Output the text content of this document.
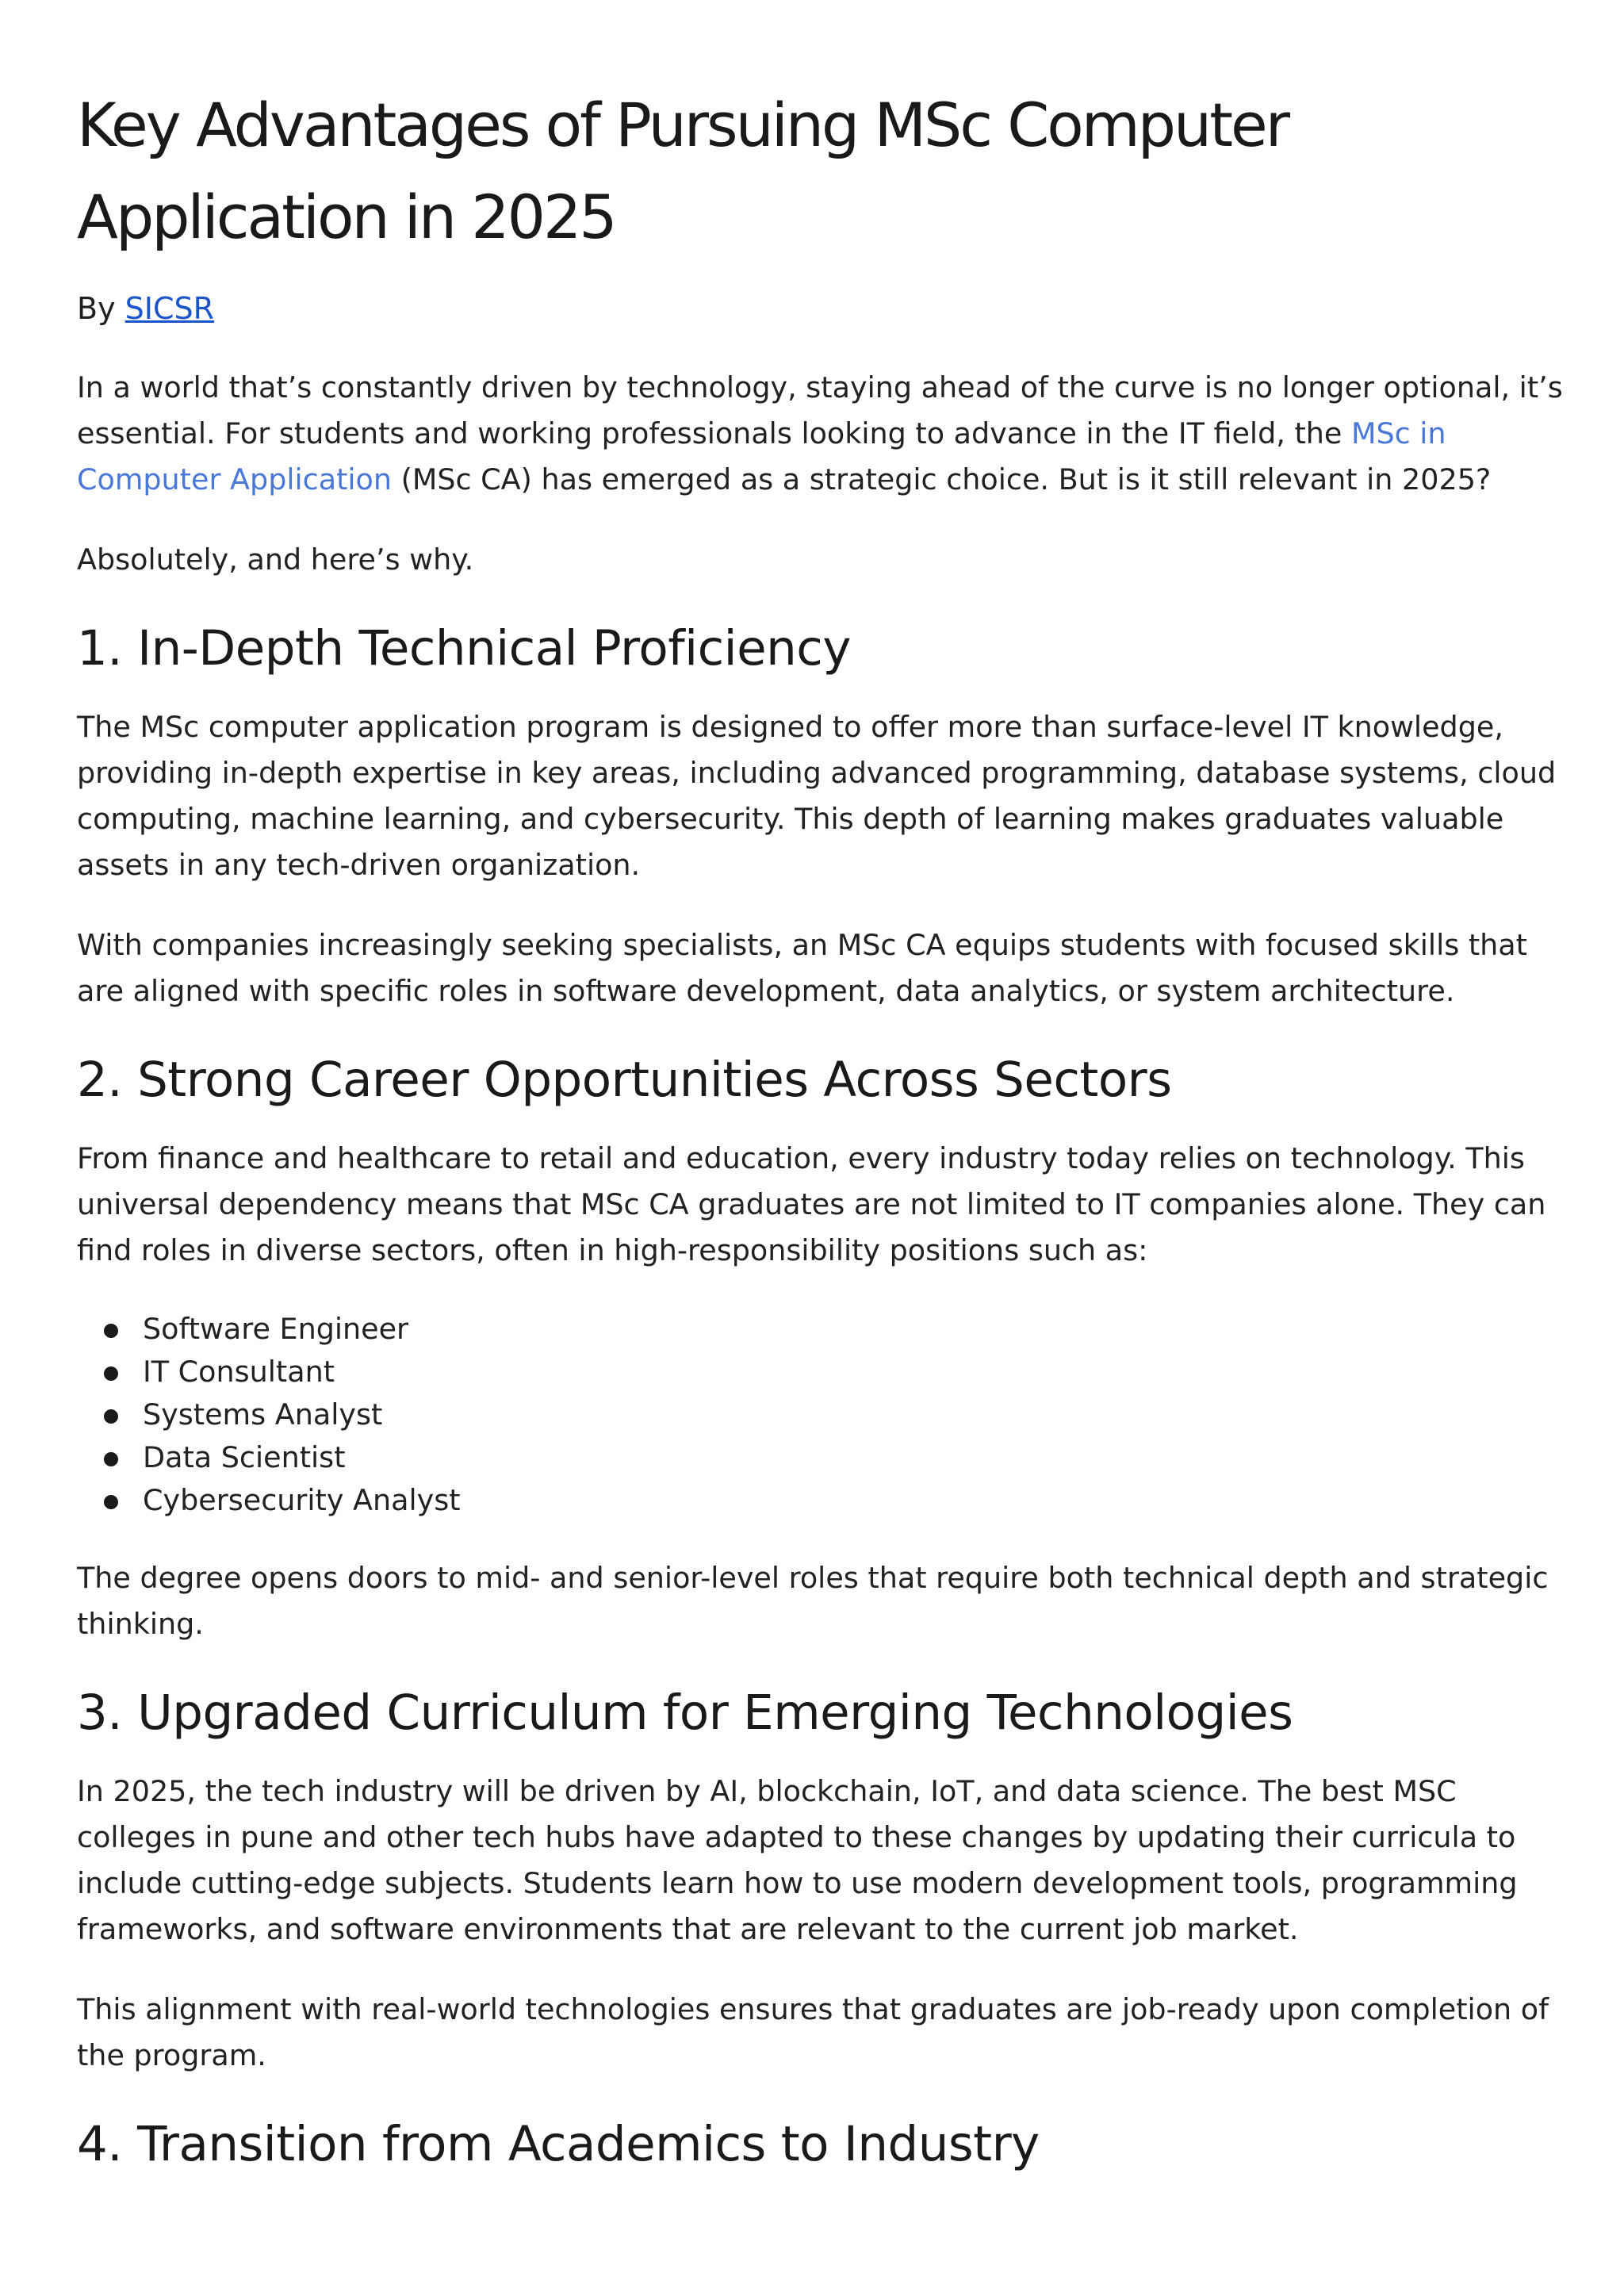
Key Advantages of Pursuing MSc Computer Application in 2025
By SICSR

In a world that’s constantly driven by technology, staying ahead of the curve is no longer optional, it’s essential. For students and working professionals looking to advance in the IT field, the MSc in Computer Application (MSc CA) has emerged as a strategic choice. But is it still relevant in 2025?

Absolutely, and here’s why.

1. In-Depth Technical Proficiency

The MSc computer application program is designed to offer more than surface-level IT knowledge, providing in-depth expertise in key areas, including advanced programming, database systems, cloud computing, machine learning, and cybersecurity. This depth of learning makes graduates valuable assets in any tech-driven organization.

With companies increasingly seeking specialists, an MSc CA equips students with focused skills that are aligned with specific roles in software development, data analytics, or system architecture.

2. Strong Career Opportunities Across Sectors

From finance and healthcare to retail and education, every industry today relies on technology. This universal dependency means that MSc CA graduates are not limited to IT companies alone. They can find roles in diverse sectors, often in high-responsibility positions such as:

Software Engineer
IT Consultant
Systems Analyst
Data Scientist
Cybersecurity Analyst

The degree opens doors to mid- and senior-level roles that require both technical depth and strategic thinking.

3. Upgraded Curriculum for Emerging Technologies

In 2025, the tech industry will be driven by AI, blockchain, IoT, and data science. The best MSC colleges in pune and other tech hubs have adapted to these changes by updating their curricula to include cutting-edge subjects. Students learn how to use modern development tools, programming frameworks, and software environments that are relevant to the current job market.

This alignment with real-world technologies ensures that graduates are job-ready upon completion of the program.

4. Transition from Academics to Industry
